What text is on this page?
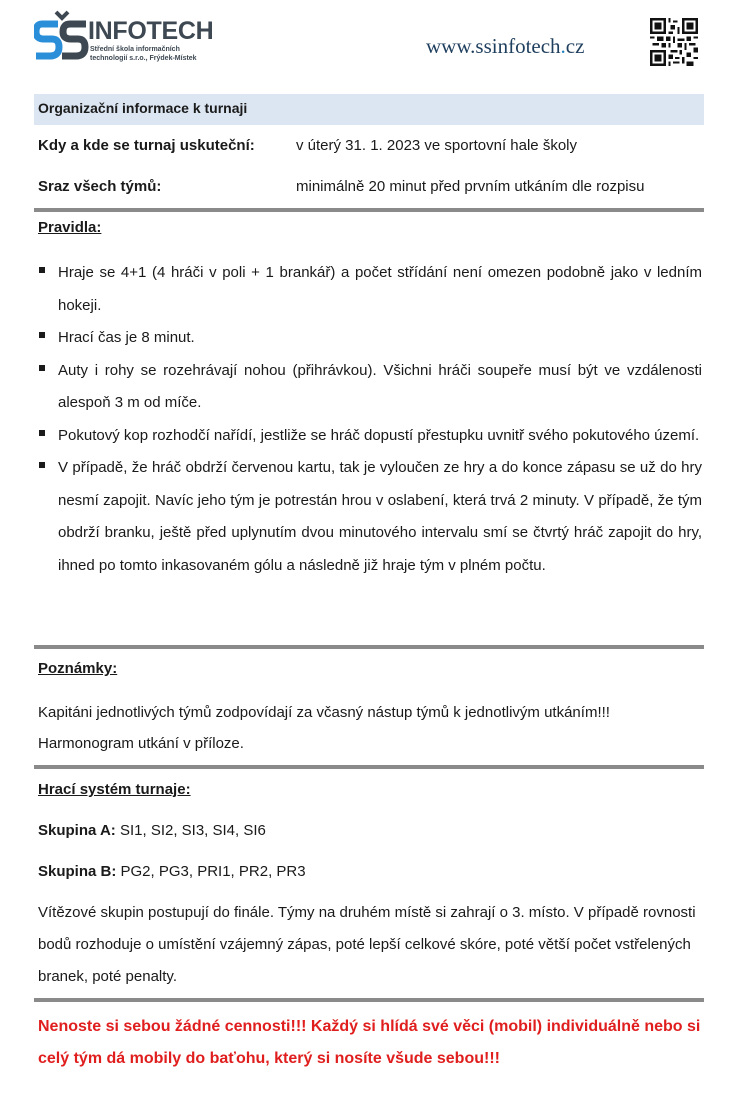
INFOTECH
Střední škola informačních
technologií s.r.o., Frýdek-Místek
www.ssinfotech.cz
Organizační informace k turnaji
Kdy a kde se turnaj uskuteční:	v úterý 31. 1. 2023 ve sportovní hale školy
Sraz všech týmů:	minimálně 20 minut před prvním utkáním dle rozpisu
Pravidla:
Hraje se 4+1 (4 hráči v poli + 1 brankář) a počet střídání není omezen podobně jako v ledním hokeji.
Hrací čas je 8 minut.
Auty i rohy se rozehrávají nohou (přihrávkou). Všichni hráči soupeře musí být ve vzdálenosti alespoň 3 m od míče.
Pokutový kop rozhodčí nařídí, jestliže se hráč dopustí přestupku uvnitř svého pokutového území.
V případě, že hráč obdrží červenou kartu, tak je vyloučen ze hry a do konce zápasu se už do hry nesmí zapojit. Navíc jeho tým je potrestán hrou v oslabení, která trvá 2 minuty. V případě, že tým obdrží branku, ještě před uplynutím dvou minutového intervalu smí se čtvrtý hráč zapojit do hry, ihned po tomto inkasovaném gólu a následně již hraje tým v plném počtu.
Poznámky:
Kapitáni jednotlivých týmů zodpovídají za včasný nástup týmů k jednotlivým utkáním!!!
Harmonogram utkání v příloze.
Hrací systém turnaje:
Skupina A: SI1, SI2, SI3, SI4, SI6
Skupina B: PG2, PG3, PRI1, PR2, PR3
Vítězové skupin postupují do finále. Týmy na druhém místě si zahrají o 3. místo. V případě rovnosti bodů rozhoduje o umístění vzájemný zápas, poté lepší celkové skóre, poté větší počet vstřelených branek, poté penalty.
Nenoste si sebou žádné cennosti!!! Každý si hlídá své věci (mobil) individuálně nebo si celý tým dá mobily do baťohu, který si nosíte všude sebou!!!
